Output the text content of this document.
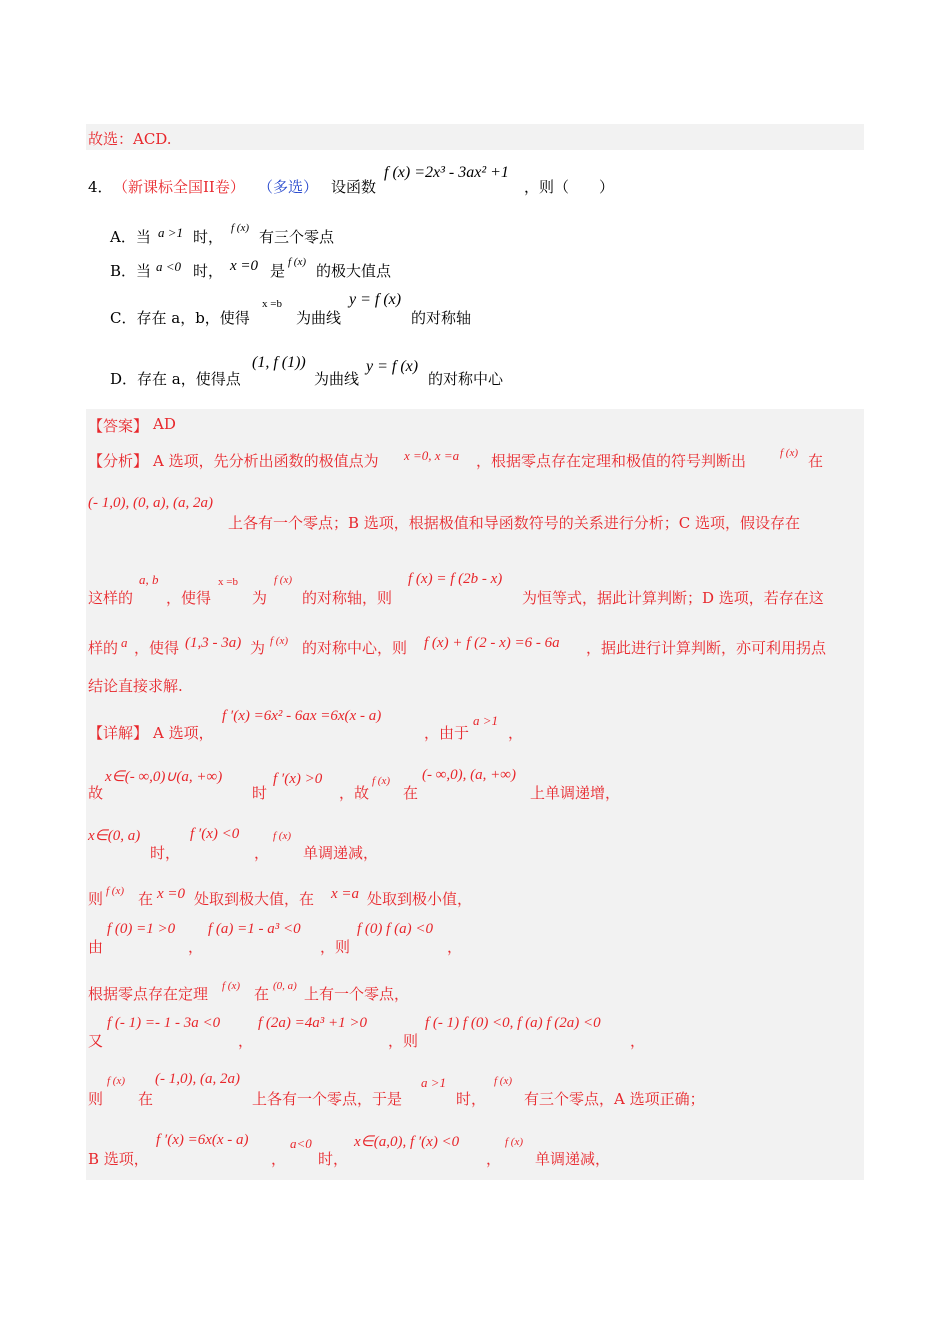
故选：ACD.
4． （新课标全国II卷） （多选） 设函数
f (x) =2x³ - 3ax² +1
，则（　　）
A．当 a >1 时， f (x) 有三个零点
B．当 a <0 时， x =0 是 f (x) 的极大值点
C．存在 a，b，使得
x =b
为曲线
y = f (x)
的对称轴
D．存在 a，使得点
(1, f (1))
为曲线
y = f (x)
的对称中心
【答案】 AD
【分析】 A 选项，先分析出函数的极值点为 x =0, x =a ，根据零点存在定理和极值的符号判断出	f (x) 在
(- 1,0), (0, a), (a, 2a)
上各有一个零点；B 选项，根据极值和导函数符号的关系进行分析；C 选项，假设存在
这样的
a, b
，使得
x =b
为
f (x)
的对称轴，则
f (x) = f (2b - x)
为恒等式，据此计算判断；D 选项，若存在这
样的 a ，使得 (1,3 - 3a) 为 f (x) 的对称中心，则 f (x) + f (2 - x) =6 - 6a ，据此进行计算判断，亦可利用拐点
结论直接求解.
【详解】 A 选项，
f ′(x) =6x² - 6ax =6x(x - a)
，由于
a >1
，
故
x∈(- ∞,0)∪(a, +∞)
时
f ′(x) >0
，故
f (x)
在
(- ∞,0), (a, +∞)
上单调递增，
x∈(0, a)
时，
f ′(x) <0
，
f (x)
单调递减，
则 f (x) 在 x =0 处取到极大值，在 x =a 处取到极小值，
由
f (0) =1 >0
，
f (a) =1 - a³ <0
，则
f (0) f (a) <0
，
根据零点存在定理 f (x) 在 (0, a) 上有一个零点，
又
f (- 1) =- 1 - 3a <0
，
f (2a) =4a³ +1 >0
，则
f (- 1) f (0) <0, f (a) f (2a) <0
，
则
f (x)
在
(- 1,0), (a, 2a)
上各有一个零点，于是
a >1
时，
f (x)
有三个零点，A 选项正确；
B 选项，
f ′(x) =6x(x - a)
，
a<0
时，
x∈(a,0), f ′(x) <0
，
f (x)
单调递减，
